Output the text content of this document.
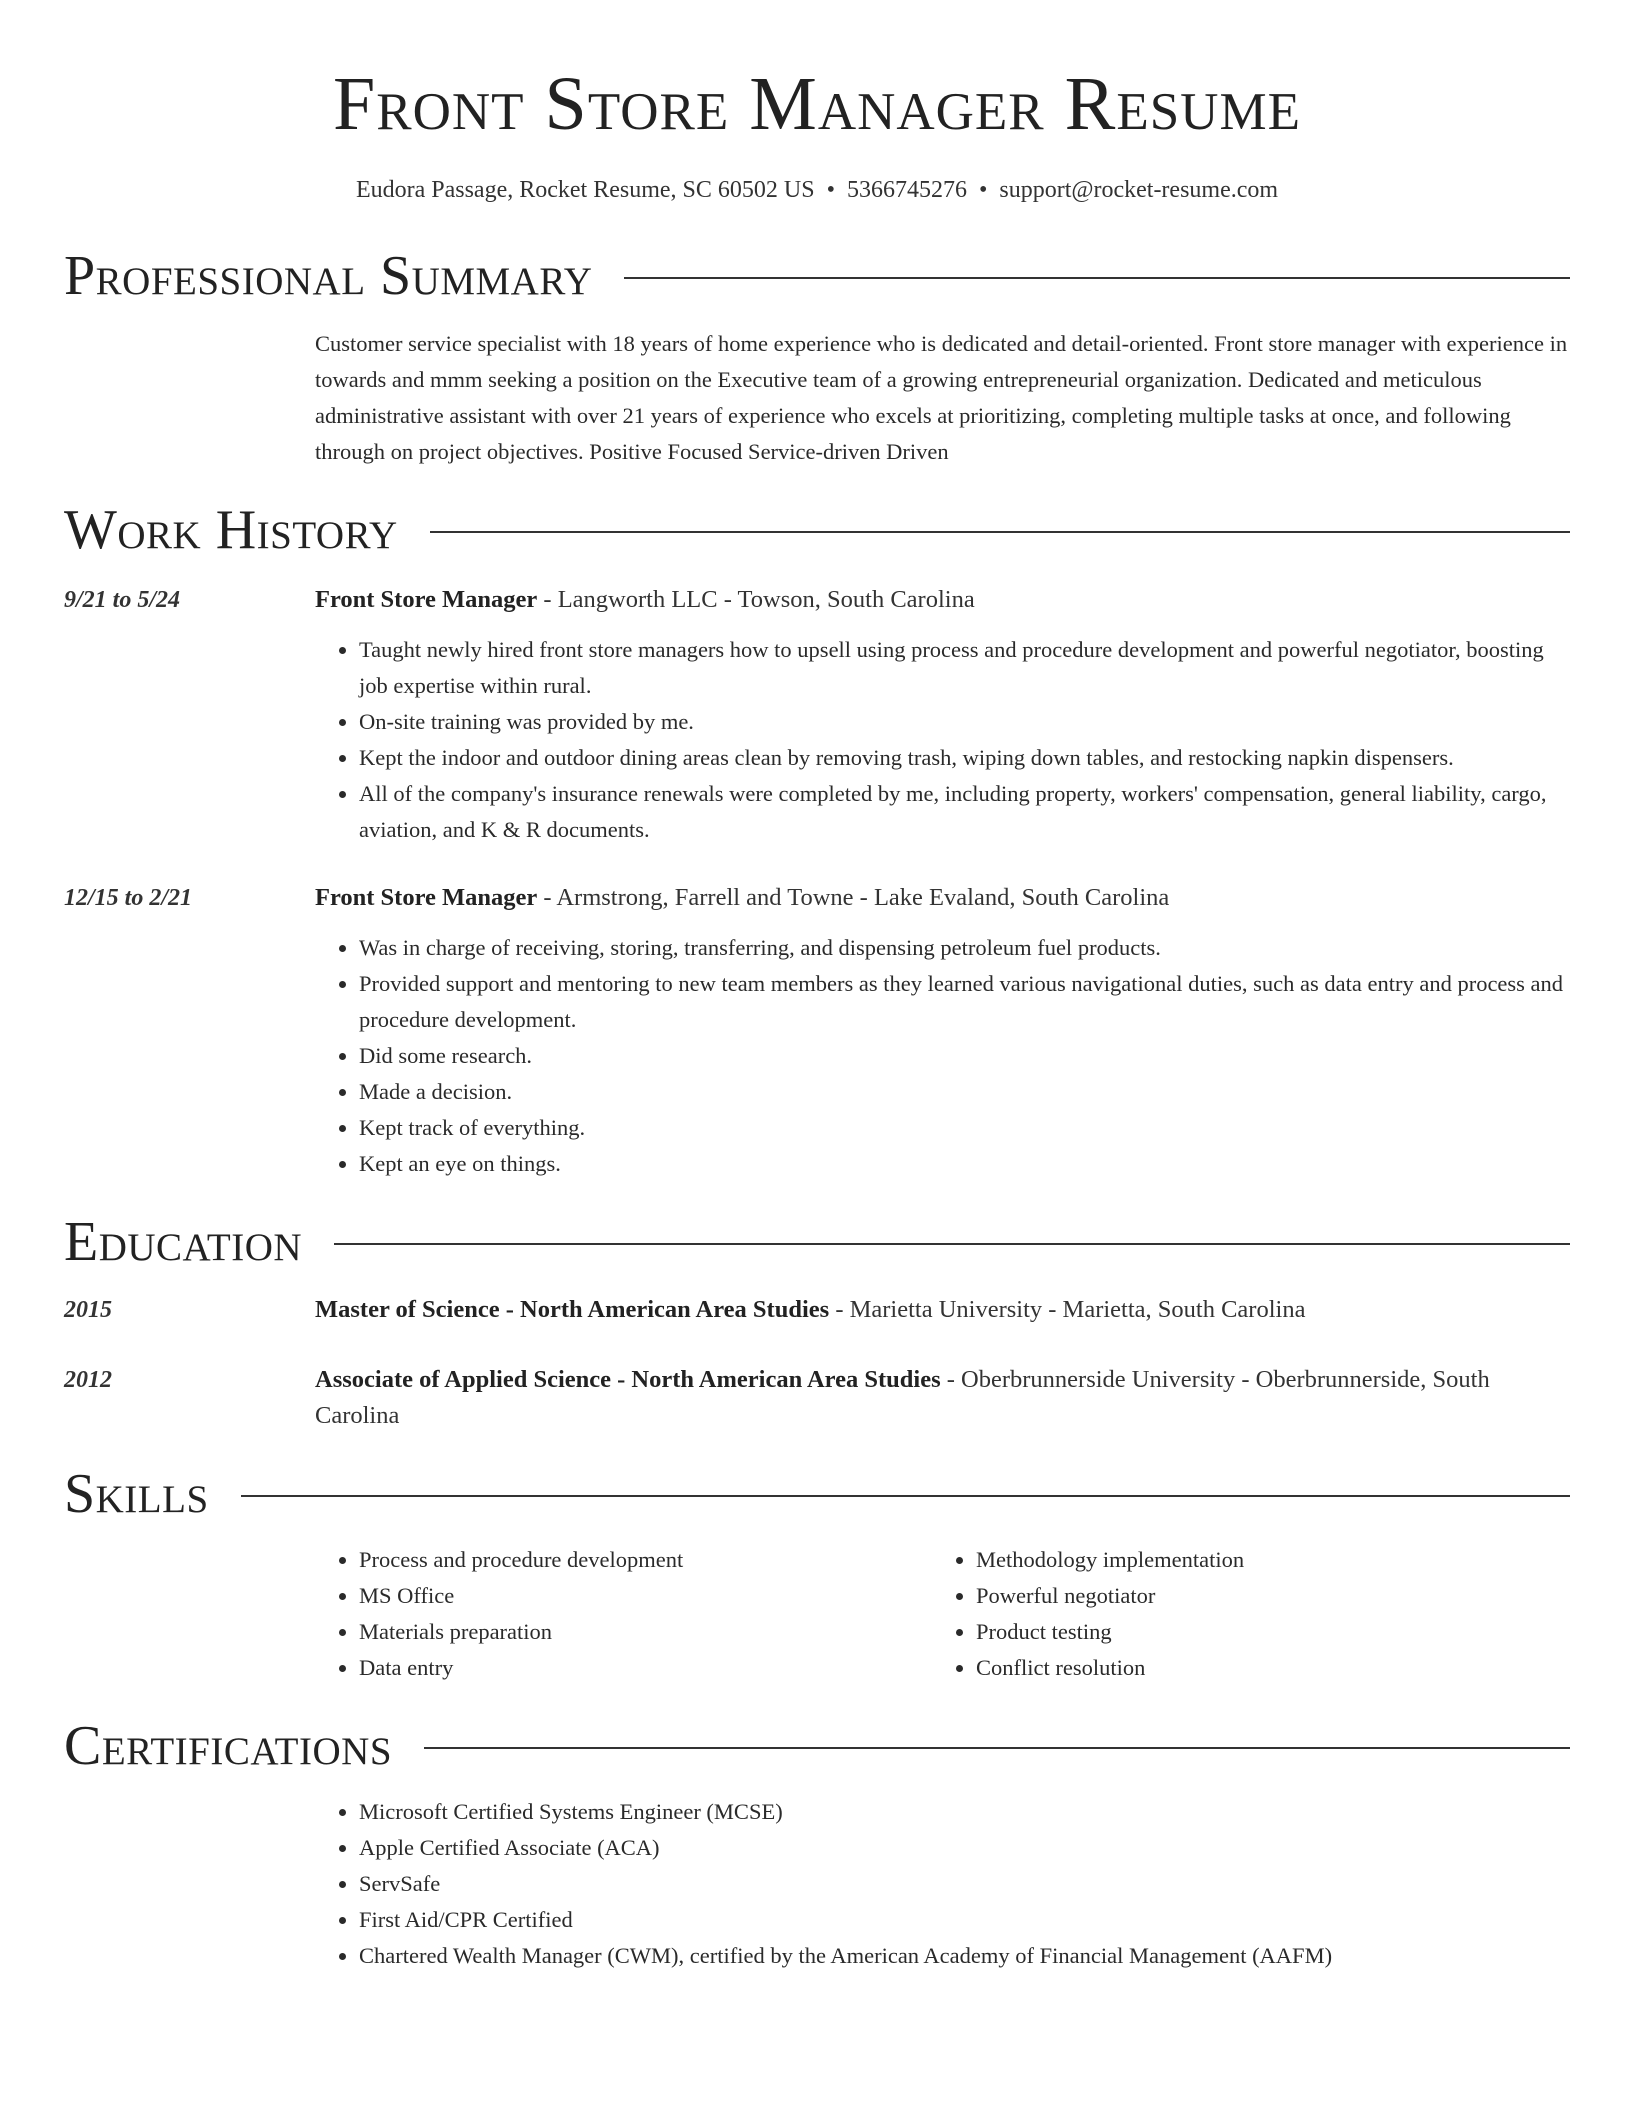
Front Store Manager Resume
Eudora Passage, Rocket Resume, SC 60502 US • 5366745276 • support@rocket-resume.com
Professional Summary
Customer service specialist with 18 years of home experience who is dedicated and detail-oriented. Front store manager with experience in towards and mmm seeking a position on the Executive team of a growing entrepreneurial organization. Dedicated and meticulous administrative assistant with over 21 years of experience who excels at prioritizing, completing multiple tasks at once, and following through on project objectives. Positive Focused Service-driven Driven
Work History
9/21 to 5/24	Front Store Manager - Langworth LLC - Towson, South Carolina
• Taught newly hired front store managers how to upsell using process and procedure development and powerful negotiator, boosting job expertise within rural.
• On-site training was provided by me.
• Kept the indoor and outdoor dining areas clean by removing trash, wiping down tables, and restocking napkin dispensers.
• All of the company's insurance renewals were completed by me, including property, workers' compensation, general liability, cargo, aviation, and K & R documents.
12/15 to 2/21	Front Store Manager - Armstrong, Farrell and Towne - Lake Evaland, South Carolina
• Was in charge of receiving, storing, transferring, and dispensing petroleum fuel products.
• Provided support and mentoring to new team members as they learned various navigational duties, such as data entry and process and procedure development.
• Did some research.
• Made a decision.
• Kept track of everything.
• Kept an eye on things.
Education
2015	Master of Science - North American Area Studies - Marietta University - Marietta, South Carolina
2012	Associate of Applied Science - North American Area Studies - Oberbrunnerside University - Oberbrunnerside, South Carolina
Skills
• Process and procedure development
• MS Office
• Materials preparation
• Data entry
• Methodology implementation
• Powerful negotiator
• Product testing
• Conflict resolution
Certifications
• Microsoft Certified Systems Engineer (MCSE)
• Apple Certified Associate (ACA)
• ServSafe
• First Aid/CPR Certified
• Chartered Wealth Manager (CWM), certified by the American Academy of Financial Management (AAFM)
